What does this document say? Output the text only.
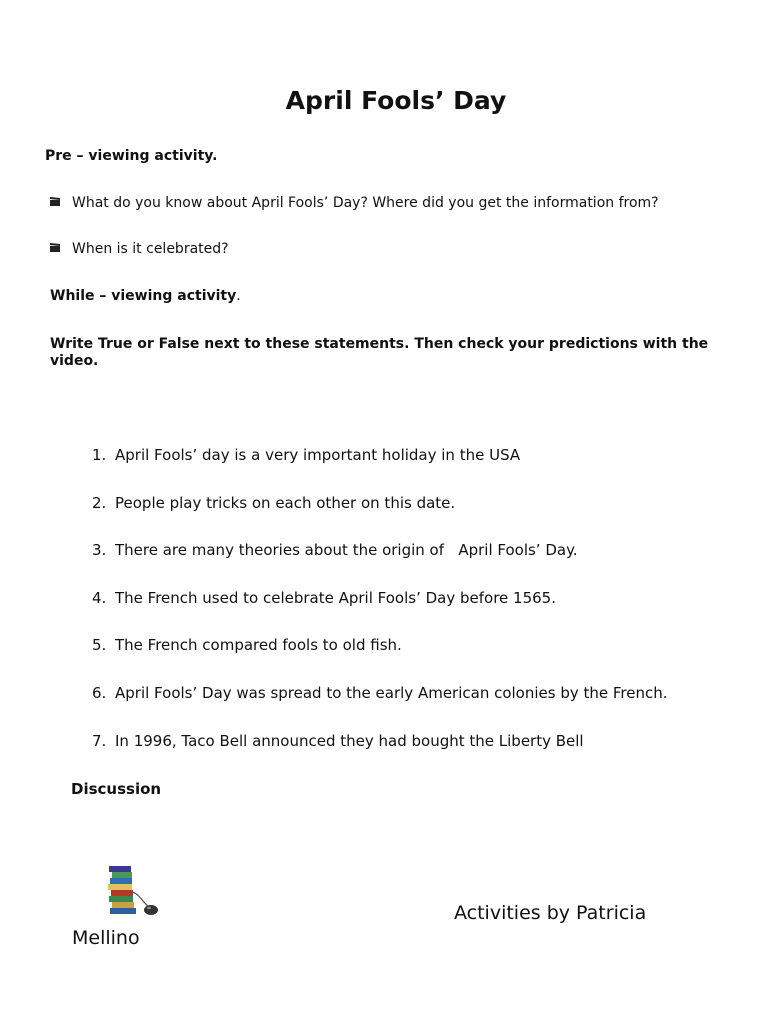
April Fools’ Day
Pre – viewing activity.
What do you know about April Fools’ Day? Where did you get the information from?
When is it celebrated?
While – viewing activity.
Write True or False next to these statements. Then check your predictions with the video.
1. April Fools’ day is a very important holiday in the USA
2. People play tricks on each other on this date.
3. There are many theories about the origin of   April Fools’ Day.
4. The French used to celebrate April Fools’ Day before 1565.
5. The French compared fools to old fish.
6. April Fools’ Day was spread to the early American colonies by the French.
7. In 1996, Taco Bell announced they had bought the Liberty Bell
Discussion
Activities by Patricia
Mellino
